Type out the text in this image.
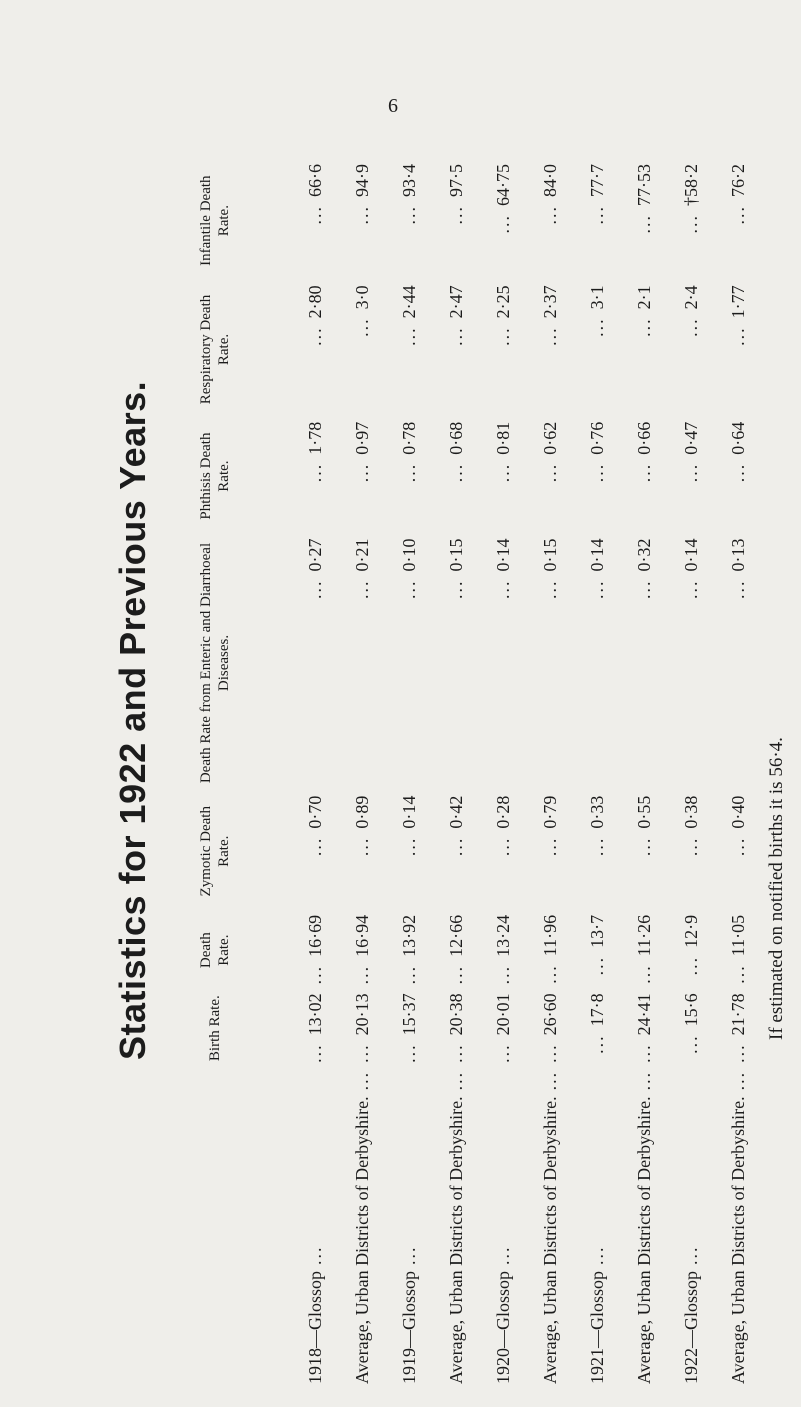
6
Statistics for 1922 and Previous Years.
		Birth Rate.	Death Rate.	Zymotic Death Rate.	Death Rate from Enteric and Diarrhoeal Diseases.	Phthisis Death Rate.	Respiratory Death Rate.	Infantile Death Rate.
1918—Glossop...	...13·02	...16·69	...0·70	...0·27	...1·78	...2·80	...66·6
Average, Urban Districts of Derbyshire....	...20·13	...16·94	...0·89	...0·21	...0·97	...3·0	...94·9
1919—Glossop...	...15·37	...13·92	...0·14	...0·10	...0·78	...2·44	...93·4
Average, Urban Districts of Derbyshire....	...20·38	...12·66	...0·42	...0·15	...0·68	...2·47	...97·5
1920—Glossop...	...20·01	...13·24	...0·28	...0·14	...0·81	...2·25	...64·75
Average, Urban Districts of Derbyshire....	...26·60	...11·96	...0·79	...0·15	...0·62	...2·37	...84·0
1921—Glossop...	...17·8	...13·7	...0·33	...0·14	...0·76	...3·1	...77·7
Average, Urban Districts of Derbyshire....	...24·41	...11·26	...0·55	...0·32	...0·66	...2·1	...77·53
1922—Glossop...	...15·6	...12·9	...0·38	...0·14	...0·47	...2·4	...†58·2
Average, Urban Districts of Derbyshire....	...21·78	...11·05	...0·40	...0·13	...0·64	...1·77	...76·2
If estimated on notified births it is 56·4.
